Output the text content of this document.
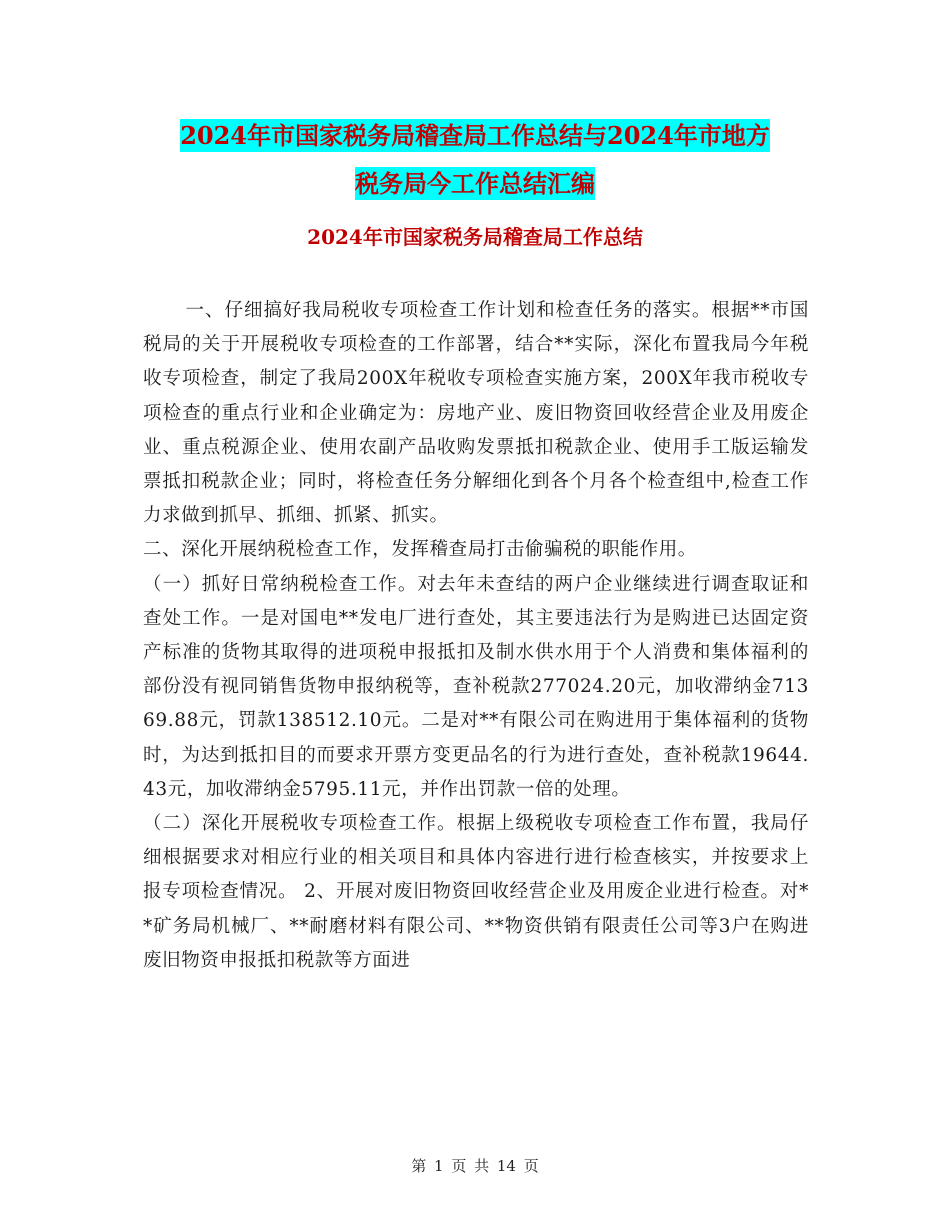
2024年市国家税务局稽查局工作总结与2024年市地方
税务局今工作总结汇编
2024年市国家税务局稽查局工作总结

一、仔细搞好我局税收专项检查工作计划和检查任务的落实。根据**市国税局的关于开展税收专项检查的工作部署，结合**实际，深化布置我局今年税收专项检查，制定了我局200X年税收专项检查实施方案，200X年我市税收专项检查的重点行业和企业确定为：房地产业、废旧物资回收经营企业及用废企业、重点税源企业、使用农副产品收购发票抵扣税款企业、使用手工版运输发票抵扣税款企业；同时，将检查任务分解细化到各个月各个检查组中,检查工作力求做到抓早、抓细、抓紧、抓实。

二、深化开展纳税检查工作，发挥稽查局打击偷骗税的职能作用。

（一）抓好日常纳税检查工作。对去年未查结的两户企业继续进行调查取证和查处工作。一是对国电**发电厂进行查处，其主要违法行为是购进已达固定资产标准的货物其取得的进项税申报抵扣及制水供水用于个人消费和集体福利的部份没有视同销售货物申报纳税等，查补税款277024.20元，加收滞纳金71369.88元，罚款138512.10元。二是对**有限公司在购进用于集体福利的货物时，为达到抵扣目的而要求开票方变更品名的行为进行查处，查补税款19644.43元，加收滞纳金5795.11元，并作出罚款一倍的处理。

（二）深化开展税收专项检查工作。根据上级税收专项检查工作布置，我局仔细根据要求对相应行业的相关项目和具体内容进行进行检查核实，并按要求上报专项检查情况。 2、开展对废旧物资回收经营企业及用废企业进行检查。对**矿务局机械厂、**耐磨材料有限公司、**物资供销有限责任公司等3户在购进废旧物资申报抵扣税款等方面进

第 1 页 共 14 页
